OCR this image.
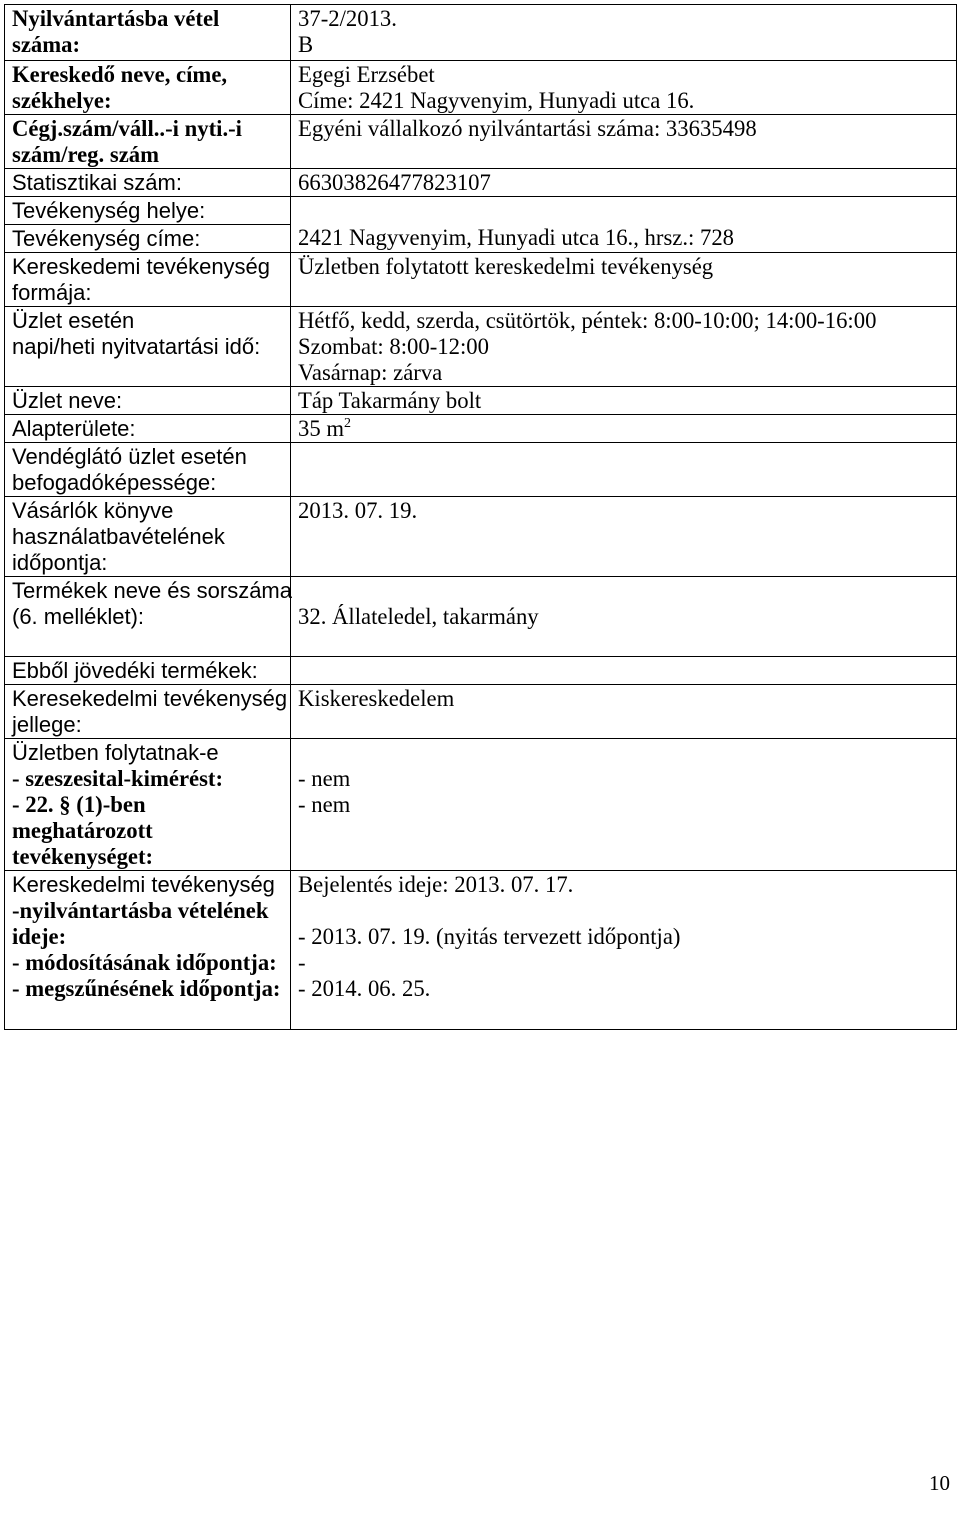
Nyilvántartásba vétel
száma:	37-2/2013.
B

Kereskedő neve, címe,
székhelye:	Egegi Erzsébet
Címe: 2421 Nagyvenyim, Hunyadi utca 16.

Cégj.szám/váll..-i nyti.-i
szám/reg. szám	Egyéni vállalkozó nyilvántartási száma: 33635498

Statisztikai szám:	66303826477823107

Tevékenység helye:	2421 Nagyvenyim, Hunyadi utca 16., hrsz.: 728

Tevékenység címe:	

Kereskedemi tevékenység
formája:	Üzletben folytatott kereskedelmi tevékenység

Üzlet esetén
napi/heti nyitvatartási idő:	Hétfő, kedd, szerda, csütörtök, péntek: 8:00-10:00; 14:00-16:00
Szombat: 8:00-12:00
Vasárnap: zárva

Üzlet neve:	Táp Takarmány bolt

Alapterülete:	35 $m^2$

Vendéglátó üzlet esetén
befogadóképessége:	

Vásárlók könyve
használatbavételének
időpontja:	2013. 07. 19.

Termékek neve és sorszáma
(6. melléklet):	32. Állateledel, takarmány

Ebből jövedéki termékek:	

Keresekedelmi tevékenység
jellege:	Kiskereskedelem

Üzletben folytatnak-e
- szeszesital-kimérést:
- 22. § (1)-ben
meghatározott
tevékenységet:	- nem
- nem

Kereskedelmi tevékenység
-nyilvántartásba vételének
ideje:
- módosításának időpontja:
- megszűnésének időpontja:	Bejelentés ideje: 2013. 07. 17.
- 2013. 07. 19. (nyitás tervezett időpontja)
-
- 2014. 06. 25.
10
